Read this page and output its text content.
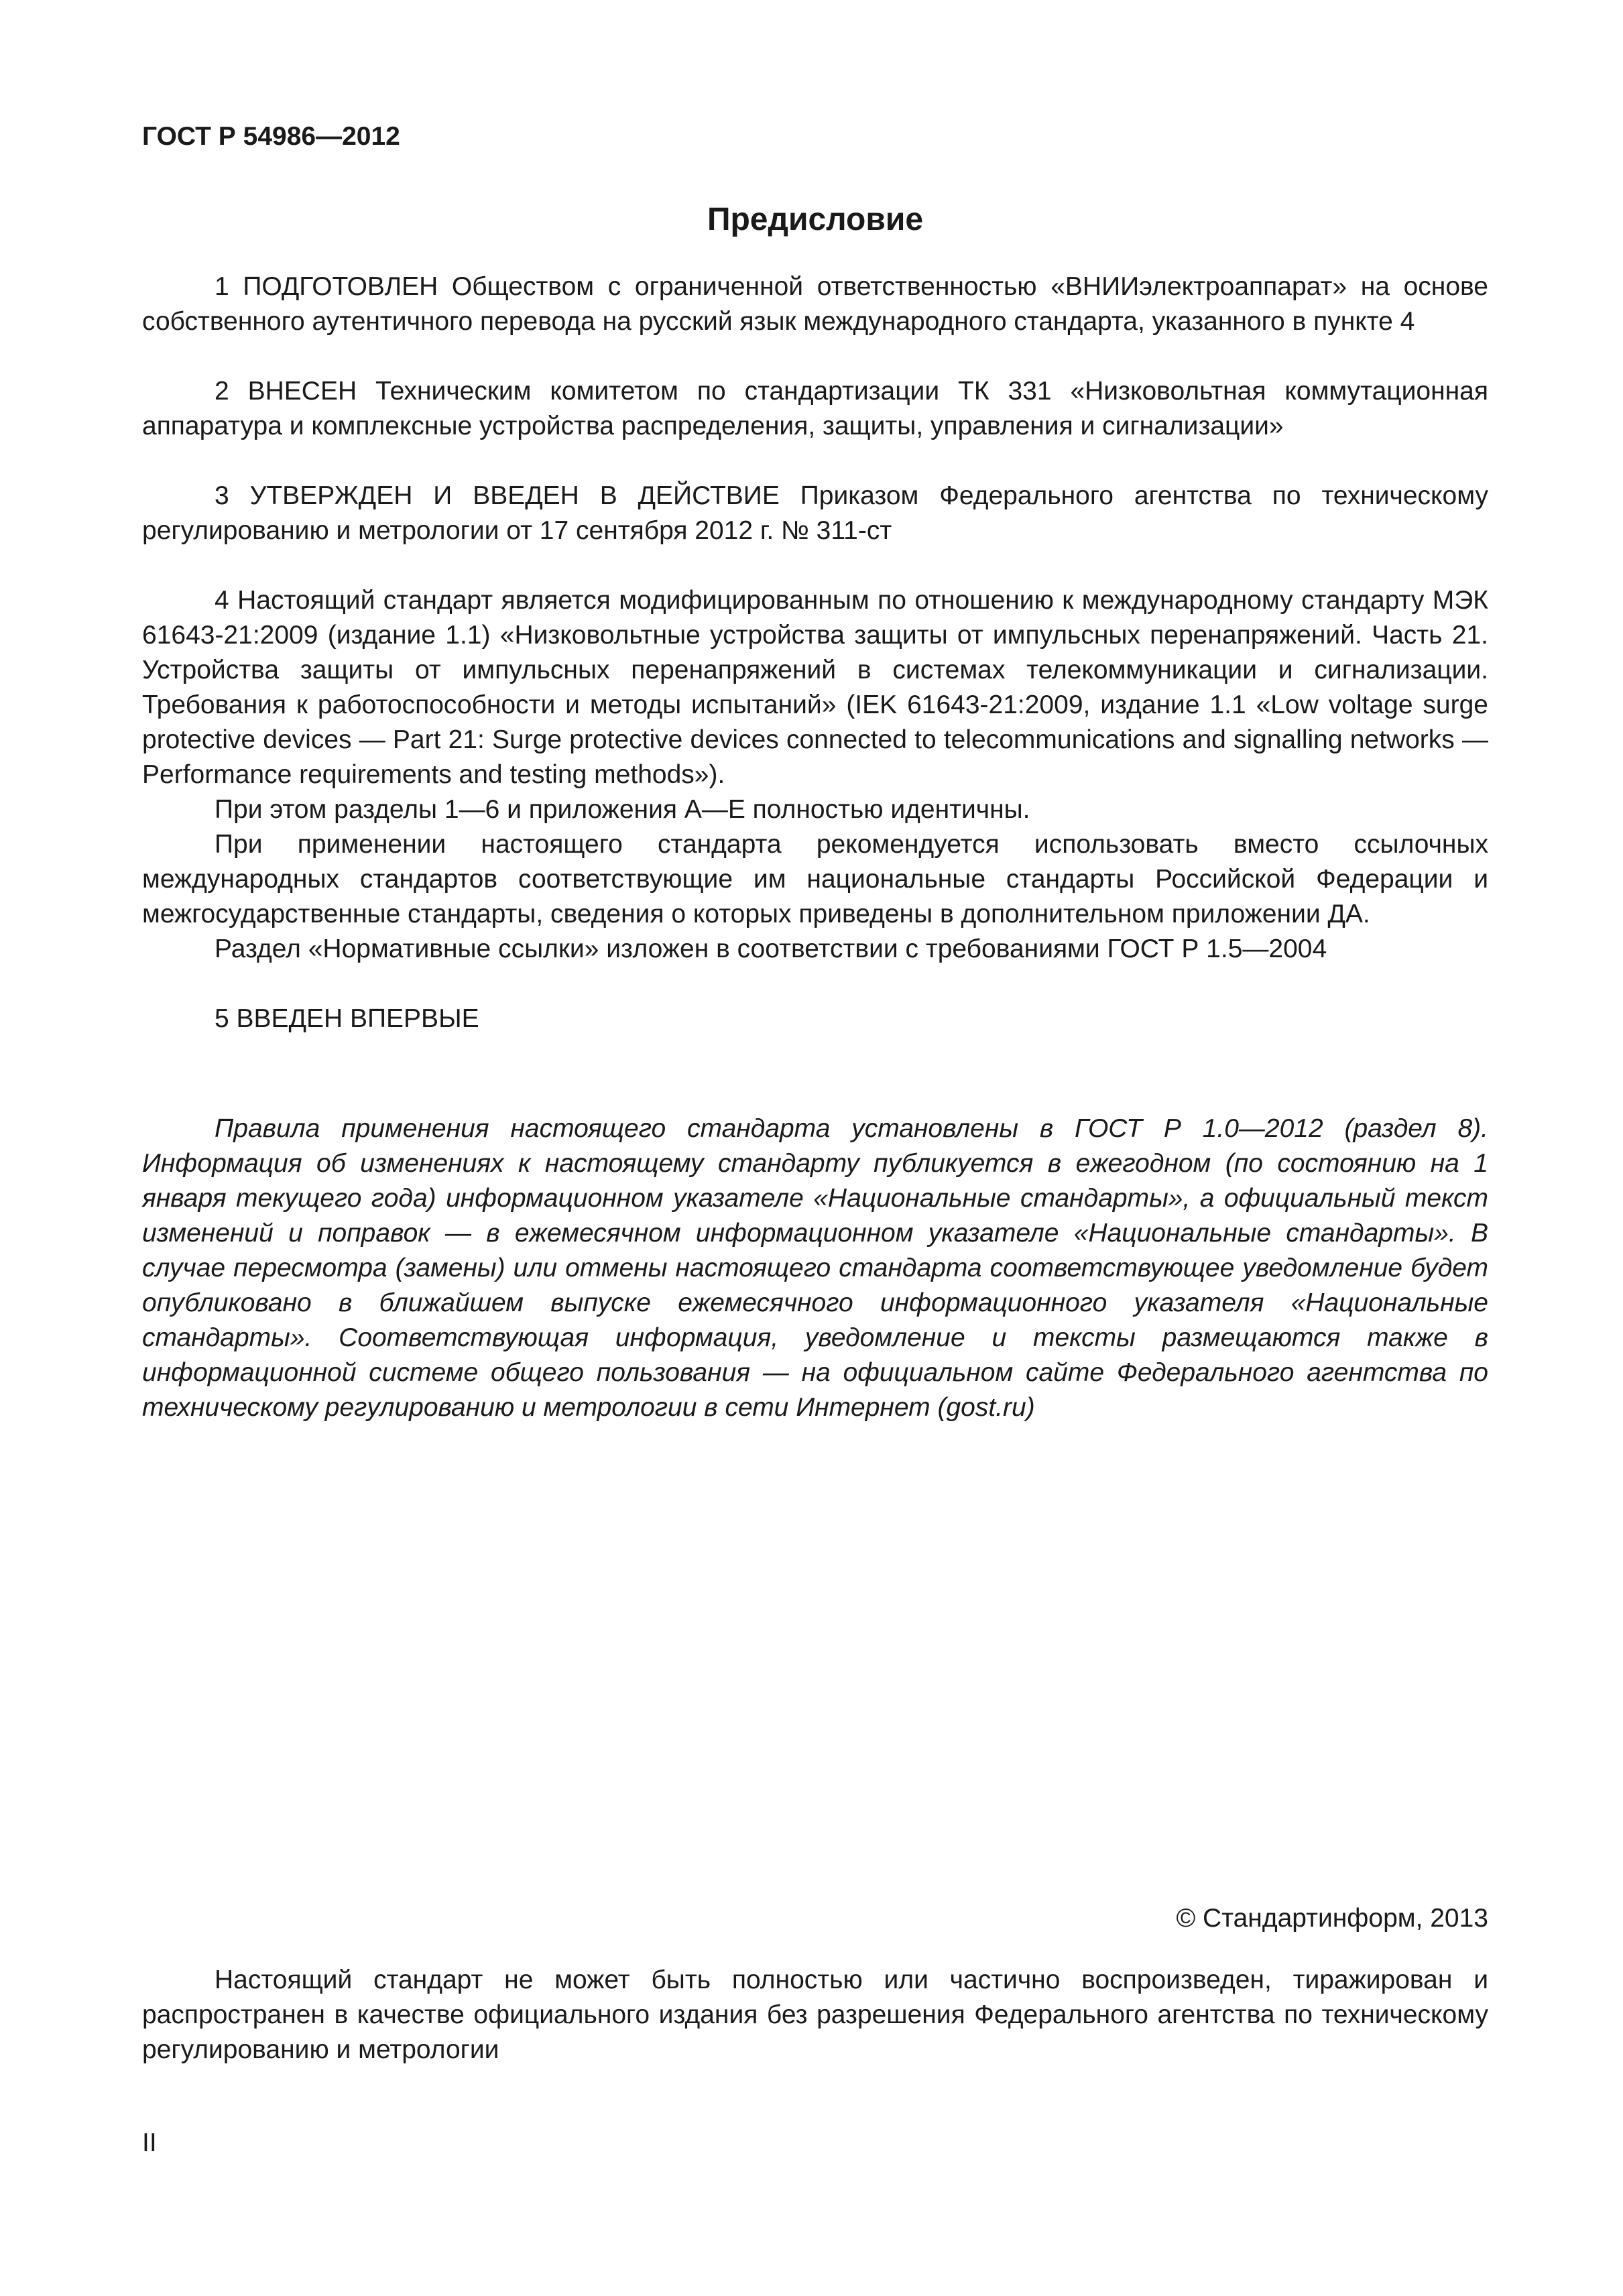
ГОСТ Р 54986—2012
Предисловие

1 ПОДГОТОВЛЕН Обществом с ограниченной ответственностью «ВНИИэлектроаппарат» на основе собственного аутентичного перевода на русский язык международного стандарта, указанного в пункте 4

2 ВНЕСЕН Техническим комитетом по стандартизации ТК 331 «Низковольтная коммутационная аппаратура и комплексные устройства распределения, защиты, управления и сигнализации»

3 УТВЕРЖДЕН И ВВЕДЕН В ДЕЙСТВИЕ Приказом Федерального агентства по техническому регулированию и метрологии от 17 сентября 2012 г. № 311-ст

4 Настоящий стандарт является модифицированным по отношению к международному стандарту МЭК 61643-21:2009 (издание 1.1) «Низковольтные устройства защиты от импульсных перенапряжений. Часть 21. Устройства защиты от импульсных перенапряжений в системах телекоммуникации и сигнализации. Требования к работоспособности и методы испытаний» (IEK 61643-21:2009, издание 1.1 «Low voltage surge protective devices — Part 21: Surge protective devices connected to telecommunications and signalling networks — Performance requirements and testing methods»).

При этом разделы 1—6 и приложения А—Е полностью идентичны.

При применении настоящего стандарта рекомендуется использовать вместо ссылочных международных стандартов соответствующие им национальные стандарты Российской Федерации и межгосударственные стандарты, сведения о которых приведены в дополнительном приложении ДА.

Раздел «Нормативные ссылки» изложен в соответствии с требованиями ГОСТ Р 1.5—2004

5 ВВЕДЕН ВПЕРВЫЕ

Правила применения настоящего стандарта установлены в ГОСТ Р 1.0—2012 (раздел 8). Информация об изменениях к настоящему стандарту публикуется в ежегодном (по состоянию на 1 января текущего года) информационном указателе «Национальные стандарты», а официальный текст изменений и поправок — в ежемесячном информационном указателе «Национальные стандарты». В случае пересмотра (замены) или отмены настоящего стандарта соответствующее уведомление будет опубликовано в ближайшем выпуске ежемесячного информационного указателя «Национальные стандарты». Соответствующая информация, уведомление и тексты размещаются также в информационной системе общего пользования — на официальном сайте Федерального агентства по техническому регулированию и метрологии в сети Интернет (gost.ru)

© Стандартинформ, 2013

Настоящий стандарт не может быть полностью или частично воспроизведен, тиражирован и распространен в качестве официального издания без разрешения Федерального агентства по техническому регулированию и метрологии

II
